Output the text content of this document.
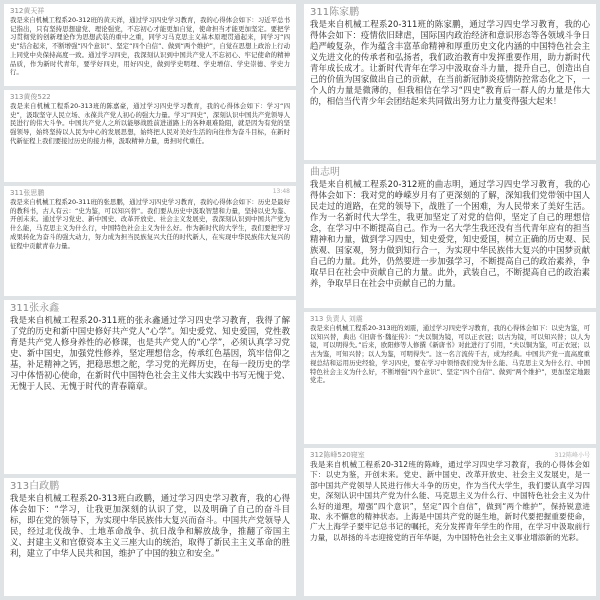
312黄天祥
我是来自机械工程系20-312班的黄天祥，通过学习四史学习教育，我的心得体会如下：习近平总书记指出，只有坚持思想建党、理论强党，不忘初心才能更加自觉，使命担当才能更加坚定。要把学习贯彻党的创新理论作为思想武装的重中之重，同学习马克思主义基本原理贯通起来，同学习“四史”结合起来，不断增强“四个意识”、坚定“四个自信”、做到“两个维护”，自觉在思想上政治上行动上同党中央保持高度一致。通过学习四史，我深刻认识到中国共产党人不忘初心、牢记使命的精神品质，作为新时代青年，要学好四史，用好四史，做到学史明理、学史增信、学史崇德、学史力行。
313黄俊522
我是来自机械工程系20-313班的陈嘉豪，通过学习四史学习教育，我的心得体会如下：学习“四史”，汲取坚守人民立场、永葆共产党人初心的强大力量。学习“四史”，深刻认识中国共产党领导人民进行的伟大斗争。中国共产党人之所以能够战胜前进道路上的各种艰难险阻，就是因为有党的坚强领导，始终坚持以人民为中心的发展思想，始终把人民对美好生活的向往作为奋斗目标，在新时代新征程上我们要接过历史的接力棒，汲取精神力量，勇担时代重任。
13:48
311张思鹏
我是来自机械工程系20-311班的张思鹏，通过学习四史学习教育，我的心得体会如下：历史是最好的教科书，古人有云：“史为鉴，可以知兴替”。我们要从历史中汲取智慧和力量，坚持以史为鉴、开创未来。通过学习党史、新中国史、改革开放史、社会主义发展史，我深刻认识到中国共产党为什么能，马克思主义为什么行，中国特色社会主义为什么好。作为新时代的大学生，我们要把学习成果转化为奋斗的强大动力，努力成为担当民族复兴大任的时代新人，在实现中华民族伟大复兴的征程中贡献青春力量。
311张永鑫
我是来自机械工程系20-311班的张永鑫通过学习四史学习教育，我得了解了党的历史和新中国史修好共产党人“心学”。知史爱党、知史爱国，党性教育是共产党人修身养性的必修课，也是共产党人的“心学”，必须认真学习党史、新中国史，加强党性修养，坚定理想信念，传承红色基因，筑牢信仰之基，补足精神之钙，把稳思想之舵，学习党的光辉历史，在每一段历史的学习中体悟初心使命，在新时代中国特色社会主义伟大实践中书写无愧于党、无愧于人民、无愧于时代的青春篇章。
313白政鹏
我是来自机械工程系20-313班白政鹏，通过学习四史学习教育，我的心得体会如下：“学习，让我更加深刻的认识了党，以及明确了自己的奋斗目标，即在党的领导下，为实现中华民族伟大复兴而奋斗。中国共产党领导人民，经过北伐战争、土地革命战争、抗日战争和解放战争，推翻了帝国主义、封建主义和官僚资本主义三座大山的统治，取得了新民主主义革命的胜利，建立了中华人民共和国，维护了中国的独立和安全。”
311陈家鹏
我是来自机械工程系20-311班的陈家鹏，通过学习四史学习教育，我的心得体会如下：疫情依旧肆虐，国际国内政治经济和意识形态等各领域斗争日趋严峻复杂，作为蕴含丰富革命精神和厚重历史文化内涵的中国特色社会主义先进文化的传承者和弘扬者，我们政治教育中发挥重要作用，助力新时代青年成长成才。让新时代青年在学习中汲取奋斗力量，提升自己，创造出自己的价值为国家做出自己的贡献，在当前新冠肺炎疫情防控常态化之下，一个人的力量是微薄的，但我相信在学习“四史”教育后一群人的力量是伟大的，相信当代青少年会团结起来共同做出努力让力量变得强大起来！
曲志明
我是来自机械工程系20-312班的曲志明，通过学习四史学习教育，我的心得体会如下：我对党的峥嵘岁月有了更深刻的了解，深知我们党带领中国人民走过的道路，在党的领导下，战胜了一个困难，为人民带来了美好生活。作为一名新时代大学生，我更加坚定了对党的信仰，坚定了自己的理想信念，在学习中不断提高自己。作为一名大学生我还没有当代青年应有的担当精神和力量，做到学习四史，知史爱党，知史爱国，树立正确的历史观、民族观、国家观，努力做到知行合一，为实现中华民族伟大复兴的中国梦贡献自己的力量。此外，仍然要进一步加强学习，不断提高自己的政治素养，争取早日在社会中贡献自己的力量。此外，武装自己，不断提高自己的政治素养，争取早日在社会中贡献自己的力量。
313 负责人 刘震
我是来自机械工程系20-313班的刘震，通过学习四史学习教育，我的心得体会如下：以史为鉴，可以知兴替，典出《旧唐书·魏征传》：“夫以铜为镜，可以正衣冠；以古为镜，可以知兴替；以人为镜，可以明得失。”后来，欧阳修等人修撰《新唐书》对此进行了引用，“夫以铜为鉴，可正衣冠；以古为鉴，可知兴替；以人为鉴，可明得失”。这一名言流传千古，成为经典。中国共产党一直高度重视总结和运用历史经验，学习四史，要在学习中领悟我们党为什么能、马克思主义为什么行、中国特色社会主义为什么好，不断增强“四个意识”、坚定“四个自信”、做到“两个维护”，更加坚定地跟党走。
312陈峰小号
312陈峰520寝室
我是来自机械工程系20-312班的陈峰，通过学习四史学习教育，我的心得体会如下：以史为鉴，开创未来。党史、新中国史、改革开放史、社会主义发展史，是一部中国共产党领导人民进行伟大斗争的历史，作为当代大学生，我们要认真学习四史，深刻认识中国共产党为什么能、马克思主义为什么行、中国特色社会主义为什么好的道理，增强“四个意识”，坚定“四个自信”，做到“两个维护”，保持锐意进取、永不懈怠的精神状态。上海是中国共产党的诞生地，新时代要把握重要使命，广大上海学子要牢记总书记的嘱托，充分发挥青年学生的作用，在学习中汲取前行力量，以昂扬的斗志迎接党的百年华诞，为中国特色社会主义事业增添新的光彩。
